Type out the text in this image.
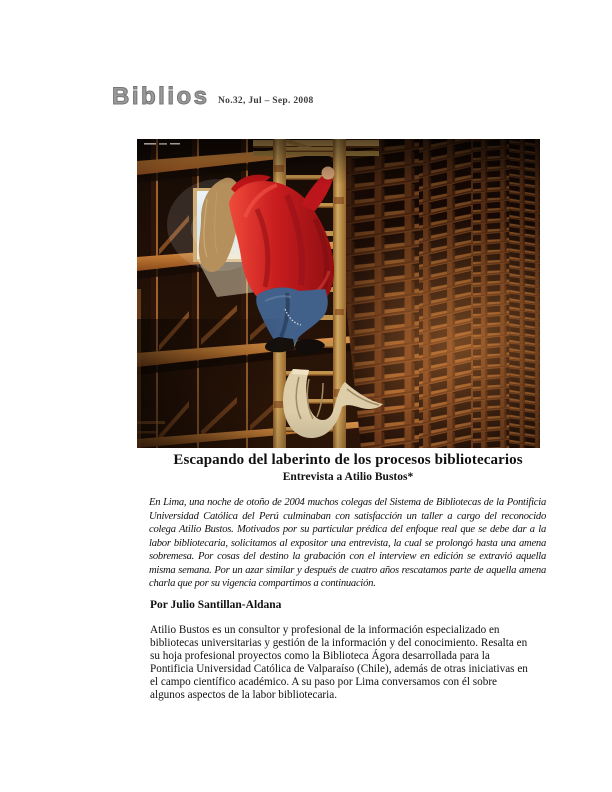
Biblios No.32, Jul – Sep. 2008
Escapando del laberinto de los procesos bibliotecarios
Entrevista a Atilio Bustos*

En Lima, una noche de otoño de 2004 muchos colegas del Sistema de Bibliotecas de la Pontificia Universidad Católica del Perú culminaban con satisfacción un taller a cargo del reconocido colega Atilio Bustos. Motivados por su particular prédica del enfoque real que se debe dar a la labor bibliotecaria, solicitamos al expositor una entrevista, la cual se prolongó hasta una amena sobremesa. Por cosas del destino la grabación con el interview en edición se extravió aquella misma semana. Por un azar similar y después de cuatro años rescatamos parte de aquella amena charla que por su vigencia compartimos a continuación.

Por Julio Santillan-Aldana

Atilio Bustos es un consultor y profesional de la información especializado en bibliotecas universitarias y gestión de la información y del conocimiento. Resalta en su hoja profesional proyectos como la Biblioteca Ágora desarrollada para la Pontificia Universidad Católica de Valparaíso (Chile), además de otras iniciativas en el campo científico académico. A su paso por Lima conversamos con él sobre algunos aspectos de la labor bibliotecaria.
